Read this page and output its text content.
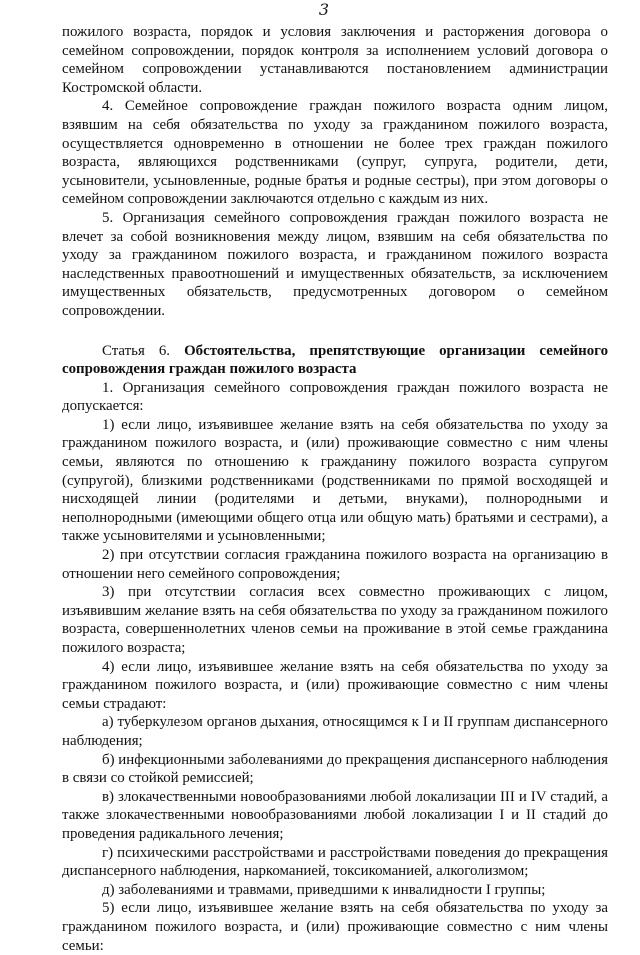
3

пожилого возраста, порядок и условия заключения и расторжения договора о семейном сопровождении, порядок контроля за исполнением условий договора о семейном сопровождении устанавливаются постановлением администрации Костромской области.

4. Семейное сопровождение граждан пожилого возраста одним лицом, взявшим на себя обязательства по уходу за гражданином пожилого возраста, осуществляется одновременно в отношении не более трех граждан пожилого возраста, являющихся родственниками (супруг, супруга, родители, дети, усыновители, усыновленные, родные братья и родные сестры), при этом договоры о семейном сопровождении заключаются отдельно с каждым из них.

5. Организация семейного сопровождения граждан пожилого возраста не влечет за собой возникновения между лицом, взявшим на себя обязательства по уходу за гражданином пожилого возраста, и гражданином пожилого возраста наследственных правоотношений и имущественных обязательств, за исключением имущественных обязательств, предусмотренных договором о семейном сопровождении.

Статья 6. Обстоятельства, препятствующие организации семейного сопровождения граждан пожилого возраста

1. Организация семейного сопровождения граждан пожилого возраста не допускается:

1) если лицо, изъявившее желание взять на себя обязательства по уходу за гражданином пожилого возраста, и (или) проживающие совместно с ним члены семьи, являются по отношению к гражданину пожилого возраста супругом (супругой), близкими родственниками (родственниками по прямой восходящей и нисходящей линии (родителями и детьми, внуками), полнородными и неполнородными (имеющими общего отца или общую мать) братьями и сестрами), а также усыновителями и усыновленными;

2) при отсутствии согласия гражданина пожилого возраста на организацию в отношении него семейного сопровождения;

3) при отсутствии согласия всех совместно проживающих с лицом, изъявившим желание взять на себя обязательства по уходу за гражданином пожилого возраста, совершеннолетних членов семьи на проживание в этой семье гражданина пожилого возраста;

4) если лицо, изъявившее желание взять на себя обязательства по уходу за гражданином пожилого возраста, и (или) проживающие совместно с ним члены семьи страдают:

а) туберкулезом органов дыхания, относящимся к I и II группам диспансерного наблюдения;

б) инфекционными заболеваниями до прекращения диспансерного наблюдения в связи со стойкой ремиссией;

в) злокачественными новообразованиями любой локализации III и IV стадий, а также злокачественными новообразованиями любой локализации I и II стадий до проведения радикального лечения;

г) психическими расстройствами и расстройствами поведения до прекращения диспансерного наблюдения, наркоманией, токсикоманией, алкоголизмом;

д) заболеваниями и травмами, приведшими к инвалидности I группы;

5) если лицо, изъявившее желание взять на себя обязательства по уходу за гражданином пожилого возраста, и (или) проживающие совместно с ним члены семьи:
